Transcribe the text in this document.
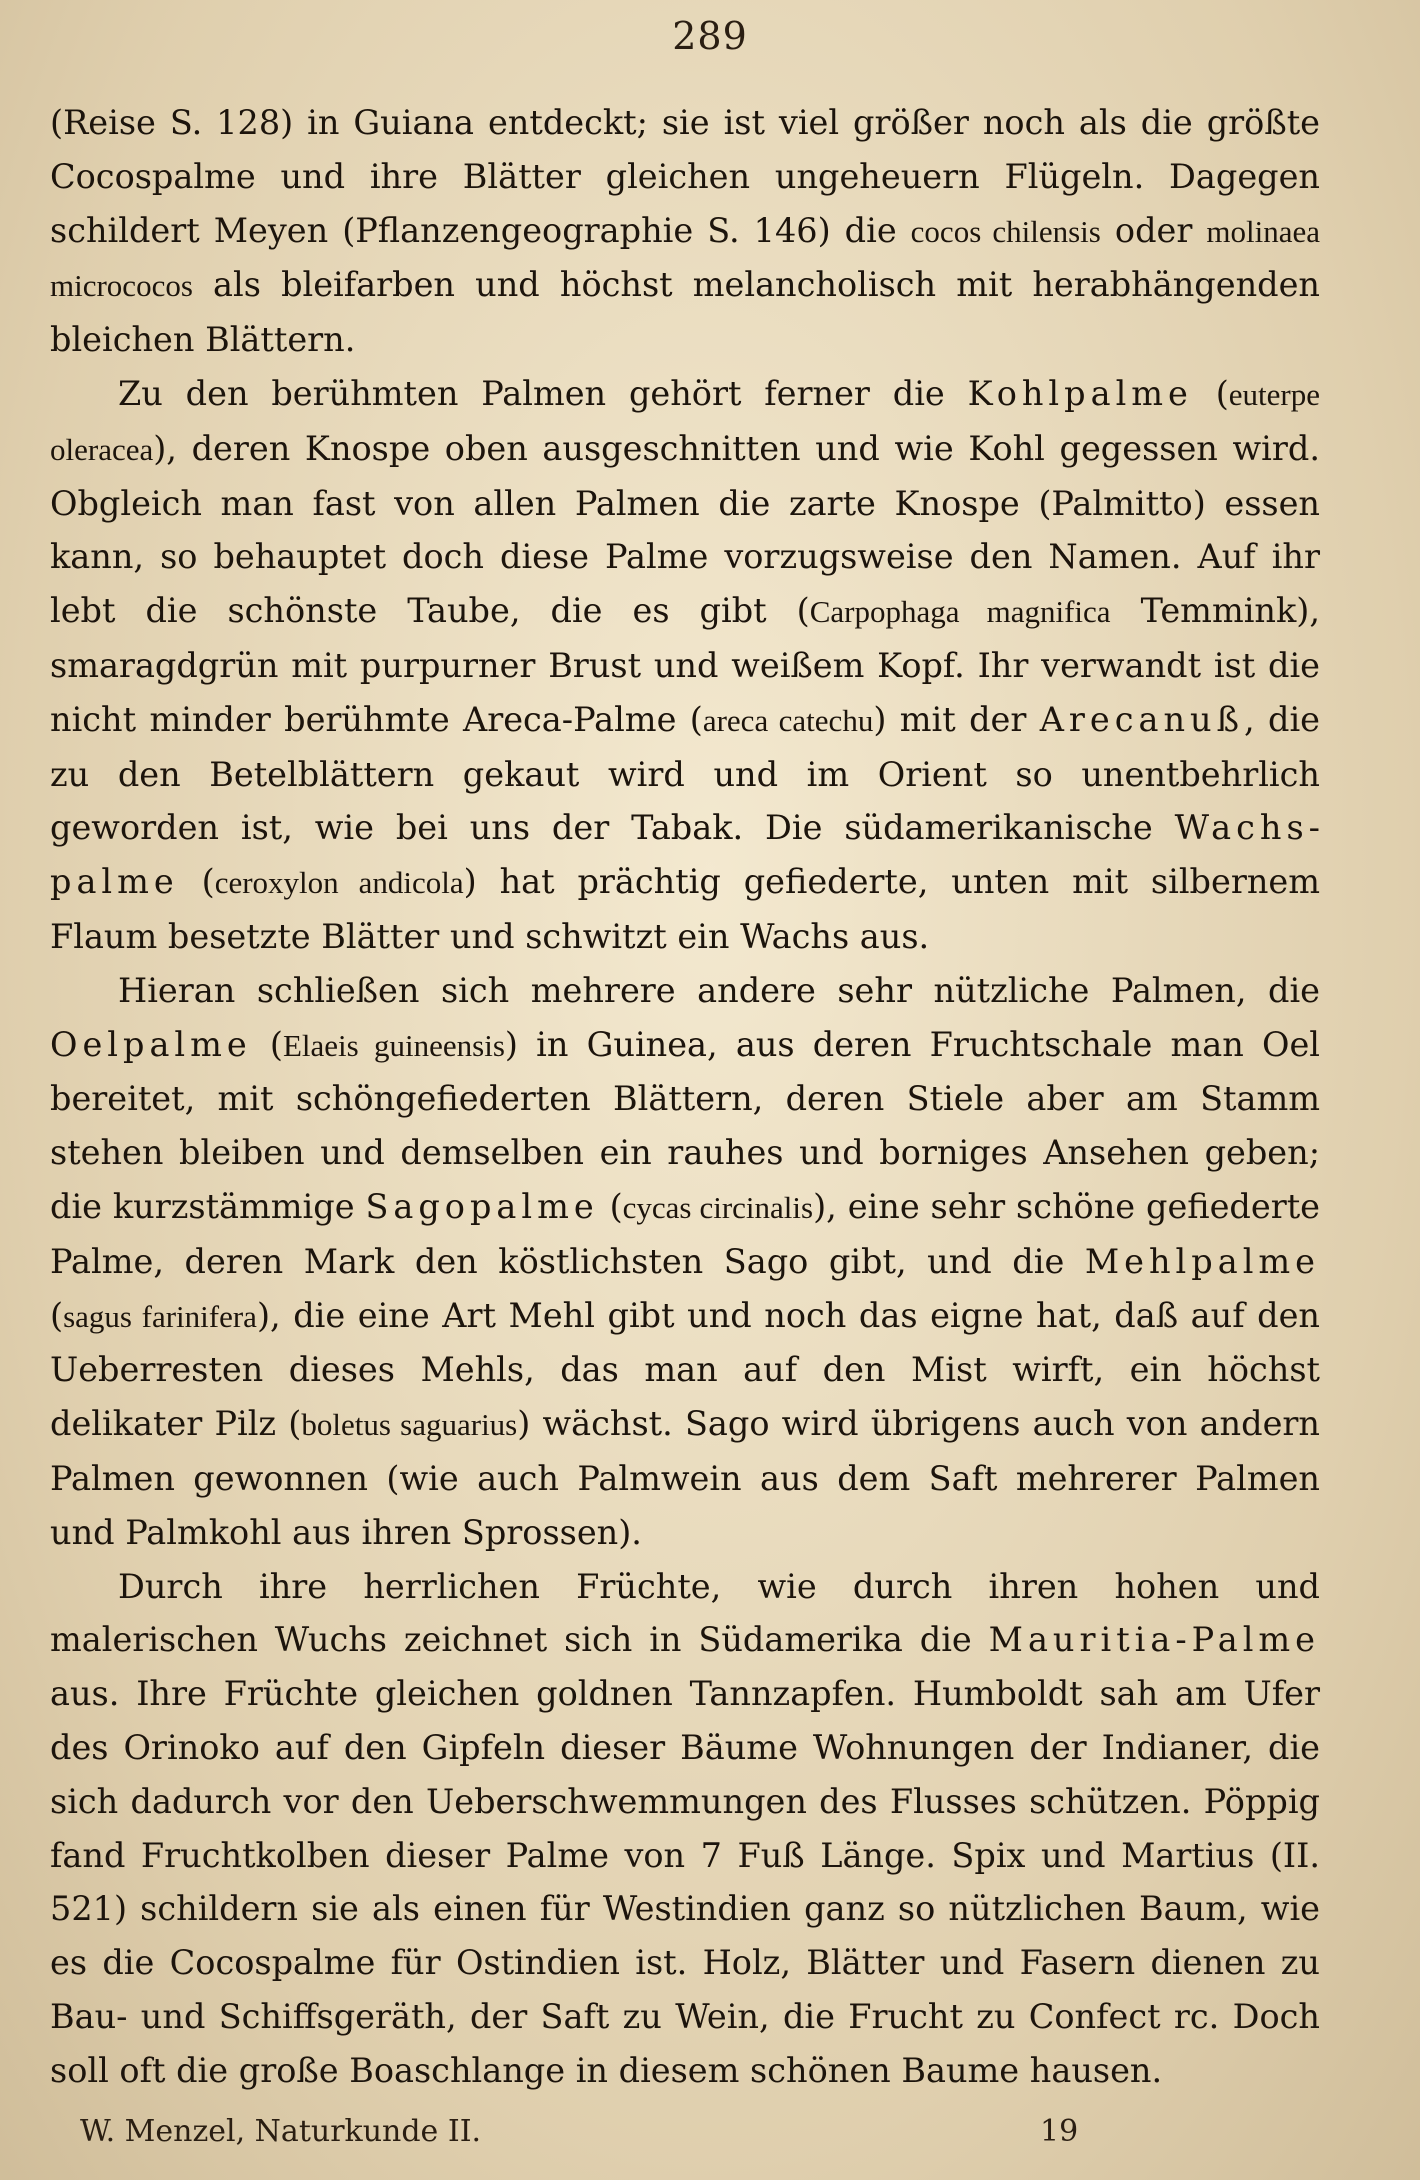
289

(Reise S. 128) in Guiana entdeckt; sie ist viel größer noch als die größte Cocospalme und ihre Blätter gleichen ungeheuern Flügeln. Dagegen schildert Meyen (Pflanzengeographie S. 146) die cocos chilensis oder molinaea micrococos als bleifarben und höchst melancholisch mit herabhängenden bleichen Blättern.

Zu den berühmten Palmen gehört ferner die Kohlpalme (euterpe oleracea), deren Knospe oben ausgeschnitten und wie Kohl gegessen wird. Obgleich man fast von allen Palmen die zarte Knospe (Palmitto) essen kann, so behauptet doch diese Palme vorzugsweise den Namen. Auf ihr lebt die schönste Taube, die es gibt (Carpophaga magnifica Temmink), smaragdgrün mit purpurner Brust und weißem Kopf. Ihr verwandt ist die nicht minder berühmte Areca-Palme (areca catechu) mit der Arecanuß, die zu den Betelblättern gekaut wird und im Orient so unentbehrlich geworden ist, wie bei uns der Tabak. Die südamerikanische Wachspalme (ceroxylon andicola) hat prächtig gefiederte, unten mit silbernem Flaum besetzte Blätter und schwitzt ein Wachs aus.

Hieran schließen sich mehrere andere sehr nützliche Palmen, die Oelpalme (Elaeis guineensis) in Guinea, aus deren Fruchtschale man Oel bereitet, mit schöngefiederten Blättern, deren Stiele aber am Stamm stehen bleiben und demselben ein rauhes und borniges Ansehen geben; die kurzstämmige Sagopalme (cycas circinalis), eine sehr schöne gefiederte Palme, deren Mark den köstlichsten Sago gibt, und die Mehlpalme (sagus farinifera), die eine Art Mehl gibt und noch das eigne hat, daß auf den Ueberresten dieses Mehls, das man auf den Mist wirft, ein höchst delikater Pilz (boletus saguarius) wächst. Sago wird übrigens auch von andern Palmen gewonnen (wie auch Palmwein aus dem Saft mehrerer Palmen und Palmkohl aus ihren Sprossen).

Durch ihre herrlichen Früchte, wie durch ihren hohen und malerischen Wuchs zeichnet sich in Südamerika die Mauritia-Palme aus. Ihre Früchte gleichen goldnen Tannzapfen. Humboldt sah am Ufer des Orinoko auf den Gipfeln dieser Bäume Wohnungen der Indianer, die sich dadurch vor den Ueberschwemmungen des Flusses schützen. Pöppig fand Fruchtkolben dieser Palme von 7 Fuß Länge. Spix und Martius (II. 521) schildern sie als einen für Westindien ganz so nützlichen Baum, wie es die Cocospalme für Ostindien ist. Holz, Blätter und Fasern dienen zu Bau- und Schiffsgeräth, der Saft zu Wein, die Frucht zu Confect rc. Doch soll oft die große Boaschlange in diesem schönen Baume hausen.

W. Menzel, Naturkunde II.	19
